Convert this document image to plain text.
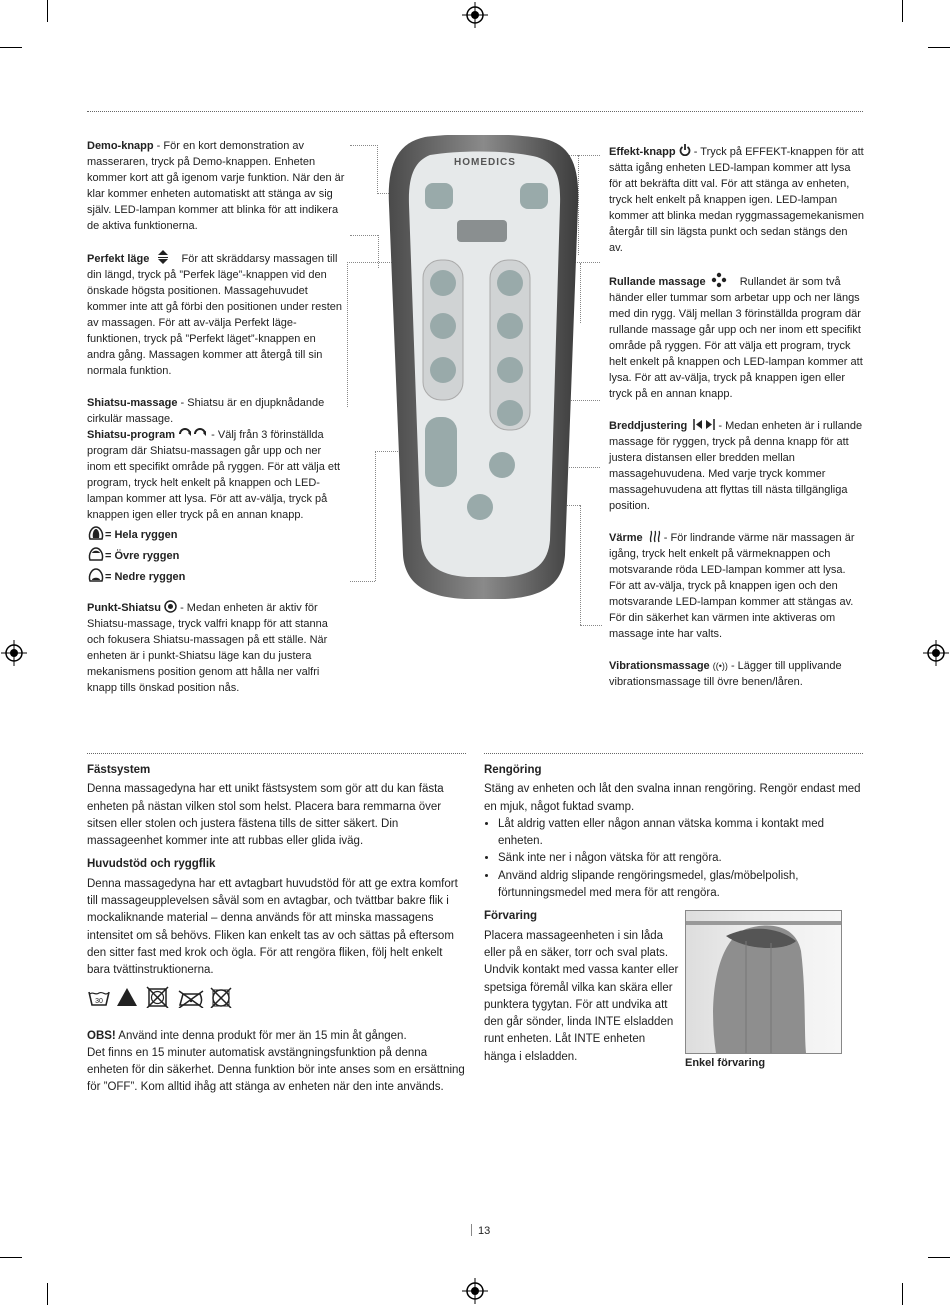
Demo-knapp - För en kort demonstration av masseraren, tryck på Demo-knappen. Enheten kommer kort att gå igenom varje funktion. När den är klar kommer enheten automatiskt att stänga av sig själv. LED-lampan kommer att blinka för att indikera de aktiva funktionerna.
Perfekt läge	För att skräddarsy massagen till din längd, tryck på ”Perfek läge”-knappen vid den önskade högsta positionen. Massagehuvudet kommer inte att gå förbi den positionen under resten av massagen. För att av-välja Perfekt läge-funktionen, tryck på ”Perfekt läget”-knappen en andra gång. Massagen kommer att återgå till sin normala funktion.
Shiatsu-massage - Shiatsu är en djupknådande cirkulär massage.
Shiatsu-program	- Välj från 3 förinställda program där Shiatsu-massagen går upp och ner inom ett specifikt område på ryggen. För att välja ett program, tryck helt enkelt på knappen och LED-lampan kommer att lysa. För att av-välja, tryck på knappen igen eller tryck på en annan knapp.
= Hela ryggen
= Övre ryggen
= Nedre ryggen
Punkt-Shiatsu  - Medan enheten är aktiv för Shiatsu-massage, tryck valfri knapp för att stanna och fokusera Shiatsu-massagen på ett ställe. När enheten är i punkt-Shiatsu läge kan du justera mekanismens position genom att hålla ner valfri knapp tills önskad position nås.
HOMEDICS
Effekt-knapp  - Tryck på EFFEKT-knappen för att sätta igång enheten LED-lampan kommer att lysa för att bekräfta ditt val. För att stänga av enheten, tryck helt enkelt på knappen igen. LED-lampan kommer att blinka medan ryggmassagemekanismen återgår till sin lägsta punkt och sedan stängs den av.
Rullande massage	Rullandet är som två händer eller tummar som arbetar upp och ner längs med din rygg. Välj mellan 3 förinställda program där rullande massage går upp och ner inom ett specifikt område på ryggen. För att välja ett program, tryck helt enkelt på knappen och LED-lampan kommer att lysa. För att av-välja, tryck på knappen igen eller tryck på en annan knapp.
Breddjustering	- Medan enheten är i rullande massage för ryggen, tryck på denna knapp för att justera distansen eller bredden mellan massagehuvudena. Med varje tryck kommer massagehuvudena att flyttas till nästa tillgängliga position.
Värme  - För lindrande värme när massagen är igång, tryck helt enkelt på värmeknappen och motsvarande röda LED-lampan kommer att lysa. För att av-välja, tryck på knappen igen och den motsvarande LED-lampan kommer att stängas av. För din säkerhet kan värmen inte aktiveras om massage inte har valts.
Vibrationsmassage ((•)) - Lägger till upplivande vibrationsmassage till övre benen/låren.
Fästsystem
Denna massagedyna har ett unikt fästsystem som gör att du kan fästa enheten på nästan vilken stol som helst. Placera bara remmarna över sitsen eller stolen och justera fästena tills de sitter säkert. Din massageenhet kommer inte att rubbas eller glida iväg.
Huvudstöd och ryggflik
Denna massagedyna har ett avtagbart huvudstöd för att ge extra komfort till massageupplevelsen såväl som en avtagbar, och tvättbar bakre flik i mockaliknande material – denna används för att minska massagens intensitet om så behövs. Fliken kan enkelt tas av och sättas på eftersom den sitter fast med krok och ögla. För att rengöra fliken, följ helt enkelt bara tvättinstruktionerna.
30
OBS! Använd inte denna produkt för mer än 15 min åt gången.
Det finns en 15 minuter automatisk avstängningsfunktion på denna enheten för din säkerhet. Denna funktion bör inte anses som en ersättning för ”OFF”. Kom alltid ihåg att stänga av enheten när den inte används.
Rengöring
Stäng av enheten och låt den svalna innan rengöring. Rengör endast med en mjuk, något fuktad svamp.
• Låt aldrig vatten eller någon annan vätska komma i kontakt med enheten.
• Sänk inte ner i någon vätska för att rengöra.
• Använd aldrig slipande rengöringsmedel, glas/möbelpolish, förtunningsmedel med mera för att rengöra.
Förvaring
Placera massageenheten i sin låda eller på en säker, torr och sval plats.
Undvik kontakt med vassa kanter eller spetsiga föremål vilka kan skära eller punktera tygytan. För att undvika att den går sönder, linda INTE elsladden runt enheten. Låt INTE enheten hänga i elsladden.
Enkel förvaring
13
